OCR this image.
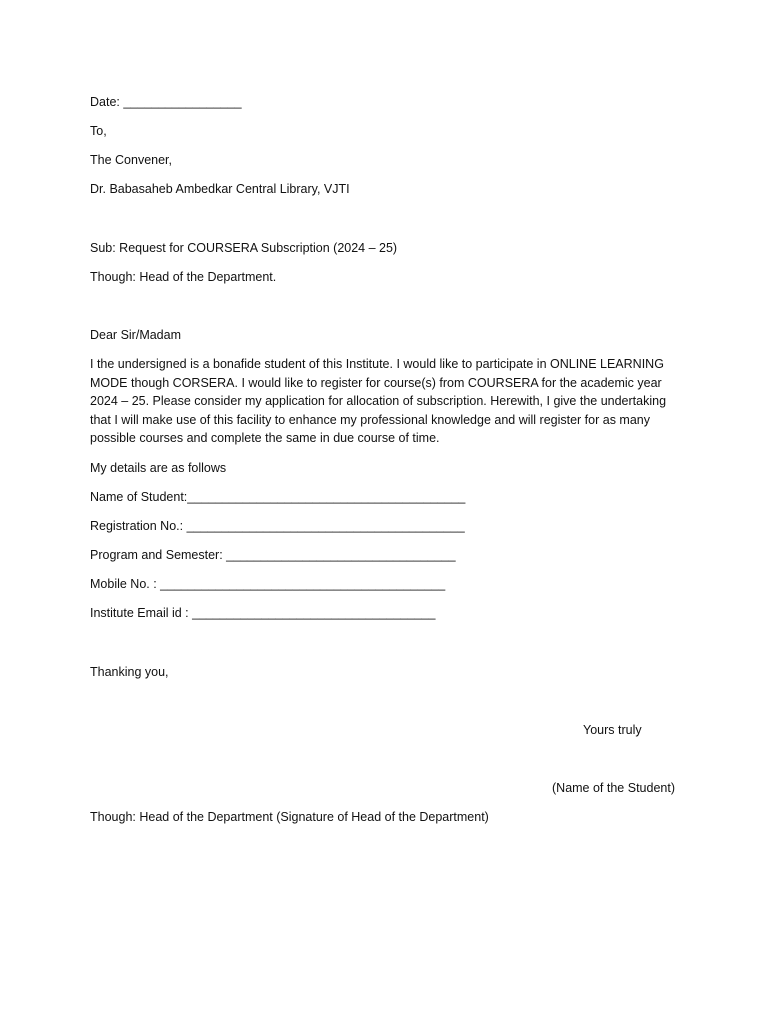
Date: _________________
To,
The Convener,
Dr. Babasaheb Ambedkar Central Library, VJTI
Sub: Request for COURSERA Subscription (2024 – 25)
Though: Head of the Department.
Dear Sir/Madam
I the undersigned is a bonafide student of this Institute. I would like to participate in ONLINE LEARNING
MODE though CORSERA. I would like to register for course(s) from COURSERA for the academic year
2024 – 25. Please consider my application for allocation of subscription. Herewith, I give the undertaking
that I will make use of this facility to enhance my professional knowledge and will register for as many
possible courses and complete the same in due course of time.
My details are as follows
Name of Student:________________________________________
Registration No.: ________________________________________
Program and Semester: _________________________________
Mobile No. : _________________________________________
Institute Email id : ___________________________________
Thanking you,
Yours truly
(Name of the Student)
Though: Head of the Department (Signature of Head of the Department)
